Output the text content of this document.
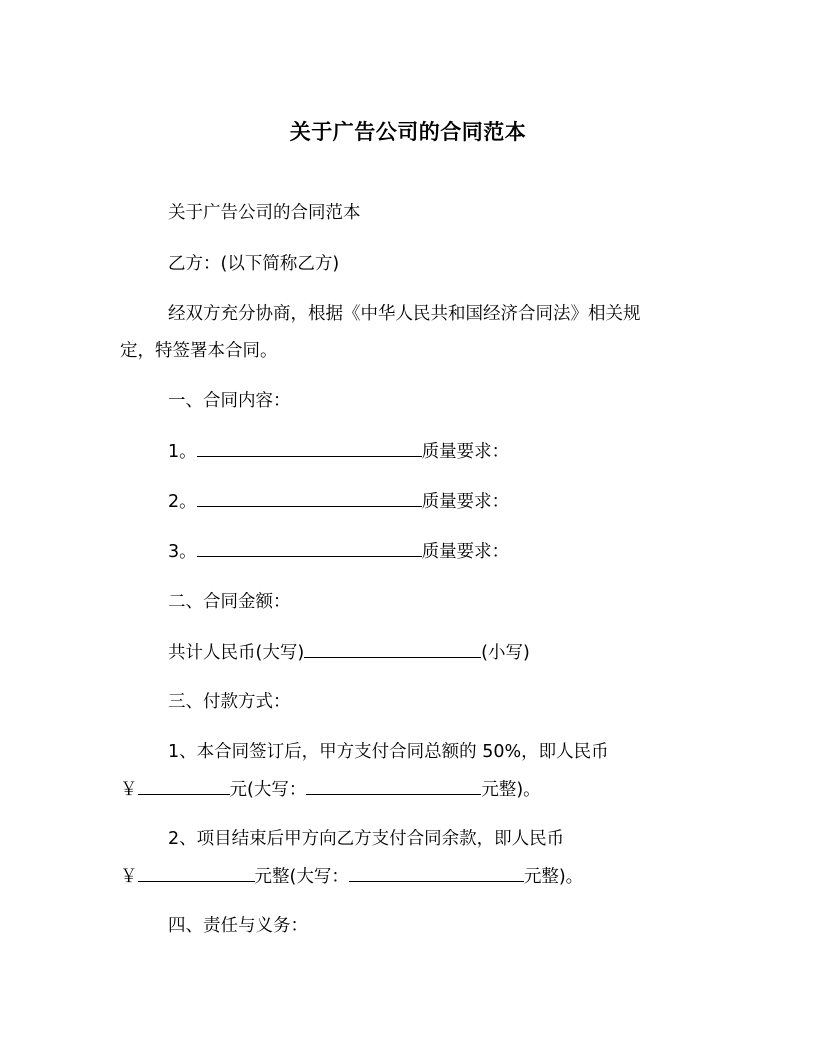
关于广告公司的合同范本
关于广告公司的合同范本
乙方：(以下简称乙方)
经双方充分协商，根据《中华人民共和国经济合同法》相关规
定，特签署本合同。
一、合同内容：
1。	质量要求：
2。	质量要求：
3。	质量要求：
二、合同金额：
共计人民币(大写)	(小写)
三、付款方式：
1、本合同签订后，甲方支付合同总额的 50%，即人民币
￥	元(大写：	元整)。
2、项目结束后甲方向乙方支付合同余款，即人民币
￥	元整(大写：	元整)。
四、责任与义务：
